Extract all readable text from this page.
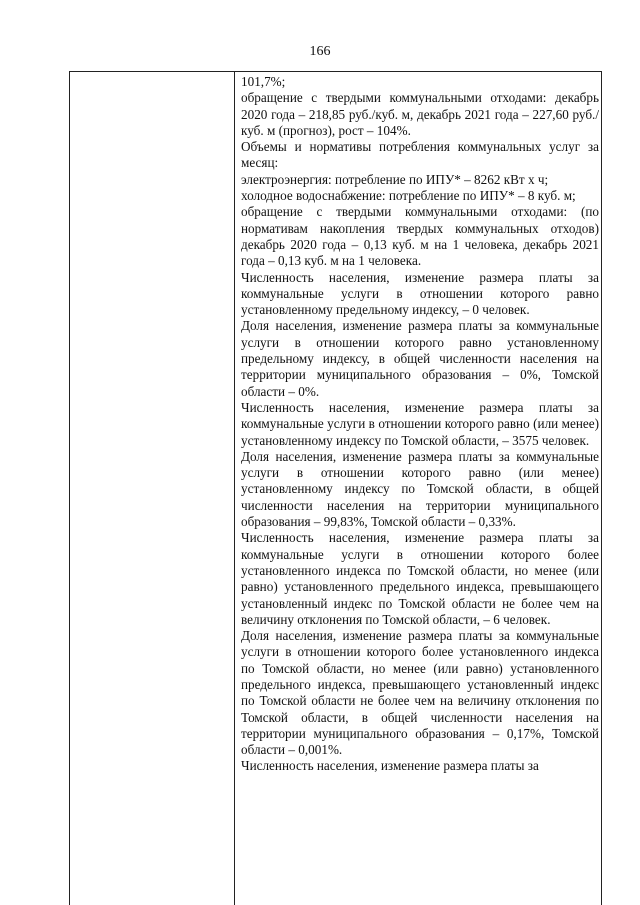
166

101,7%;

обращение с твердыми коммунальными отходами: декабрь 2020 года – 218,85 руб./куб. м, декабрь 2021 года – 227,60 руб./куб. м (прогноз), рост – 104%.

Объемы и нормативы потребления коммунальных услуг за месяц:

электроэнергия: потребление по ИПУ* – 8262 кВт х ч;

холодное водоснабжение: потребление по ИПУ* – 8 куб. м;

обращение с твердыми коммунальными отходами: (по нормативам накопления твердых коммунальных отходов) декабрь 2020 года – 0,13 куб. м на 1 человека, декабрь 2021 года – 0,13 куб. м на 1 человека.

Численность населения, изменение размера платы за коммунальные услуги в отношении которого равно установленному предельному индексу, – 0 человек.

Доля населения, изменение размера платы за коммунальные услуги в отношении которого равно установленному предельному индексу, в общей численности населения на территории муниципального образования – 0%, Томской области – 0%.

Численность населения, изменение размера платы за коммунальные услуги в отношении которого равно (или менее) установленному индексу по Томской области, – 3575 человек.

Доля населения, изменение размера платы за коммунальные услуги в отношении которого равно (или менее) установленному индексу по Томской области, в общей численности населения на территории муниципального образования – 99,83%, Томской области – 0,33%.

Численность населения, изменение размера платы за коммунальные услуги в отношении которого более установленного индекса по Томской области, но менее (или равно) установленного предельного индекса, превышающего установленный индекс по Томской области не более чем на величину отклонения по Томской области, – 6 человек.

Доля населения, изменение размера платы за коммунальные услуги в отношении которого более установленного индекса по Томской области, но менее (или равно) установленного предельного индекса, превышающего установленный индекс по Томской области не более чем на величину отклонения по Томской области, в общей численности населения на территории муниципального образования – 0,17%, Томской области – 0,001%.

Численность населения, изменение размера платы за
